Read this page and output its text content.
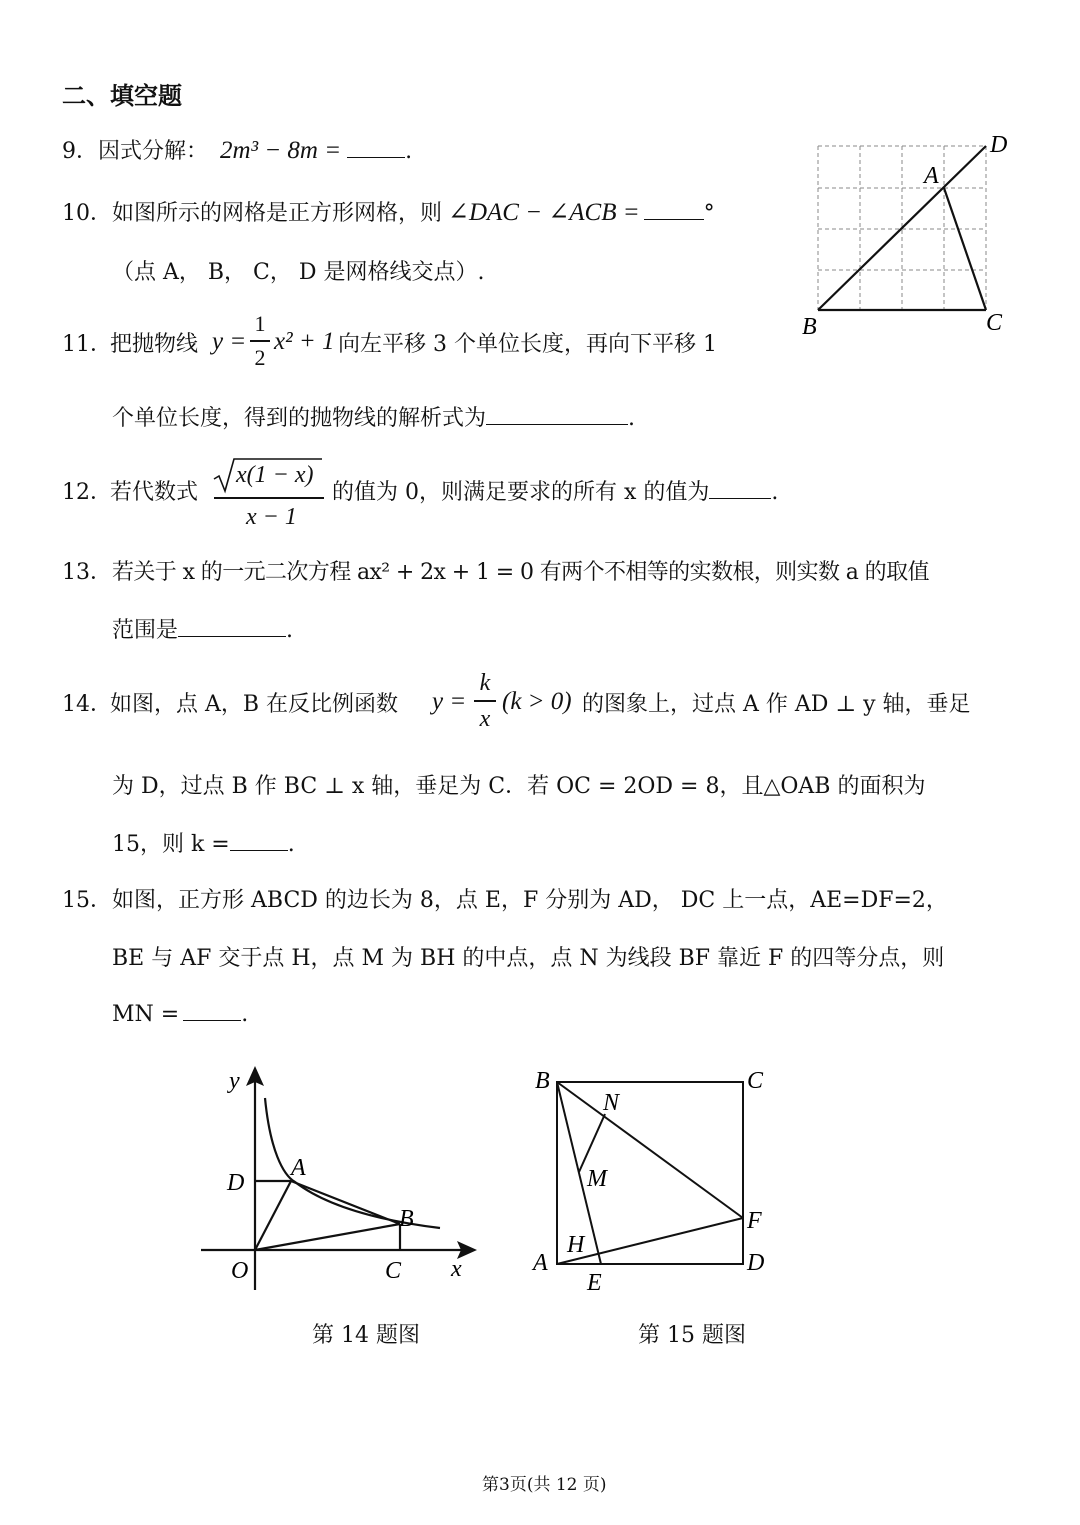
二、填空题
9．因式分解： 2m³ − 8m =	.
10．如图所示的网格是正方形网格，则 ∠DAC − ∠ACB =	°
（点 A， B， C， D 是网格线交点）.
D
A
B	C
11．
把抛物线 y =
1
2
x² + 1 向左平移 3 个单位长度，再向下平移 1
个单位长度，得到的抛物线的解析式为	.
12．
若代数式
x(1 − x)
x − 1
的值为 0，则满足要求的所有 x 的值为	.
13．若关于 x 的一元二次方程 ax² + 2x + 1 = 0 有两个不相等的实数根，则实数 a 的取值
范围是	.
14．
如图，点 A，B 在反比例函数 y =
k
x
(k > 0) 的图象上，过点 A 作 AD ⊥ y 轴，垂足
为 D，过点 B 作 BC ⊥ x 轴，垂足为 C．若 OC = 2OD = 8，且△OAB 的面积为
15，则 k =	.
15．如图，正方形 ABCD 的边长为 8，点 E，F 分别为 AD， DC 上一点，AE=DF=2，
BE 与 AF 交于点 H，点 M 为 BH 的中点，点 N 为线段 BF 靠近 F 的四等分点，则
MN =	.
y
x
O
D
A
B
C
B	C
N
M
F
H
A	D
E
第 14 题图	第 15 题图
第3页(共 12 页)
